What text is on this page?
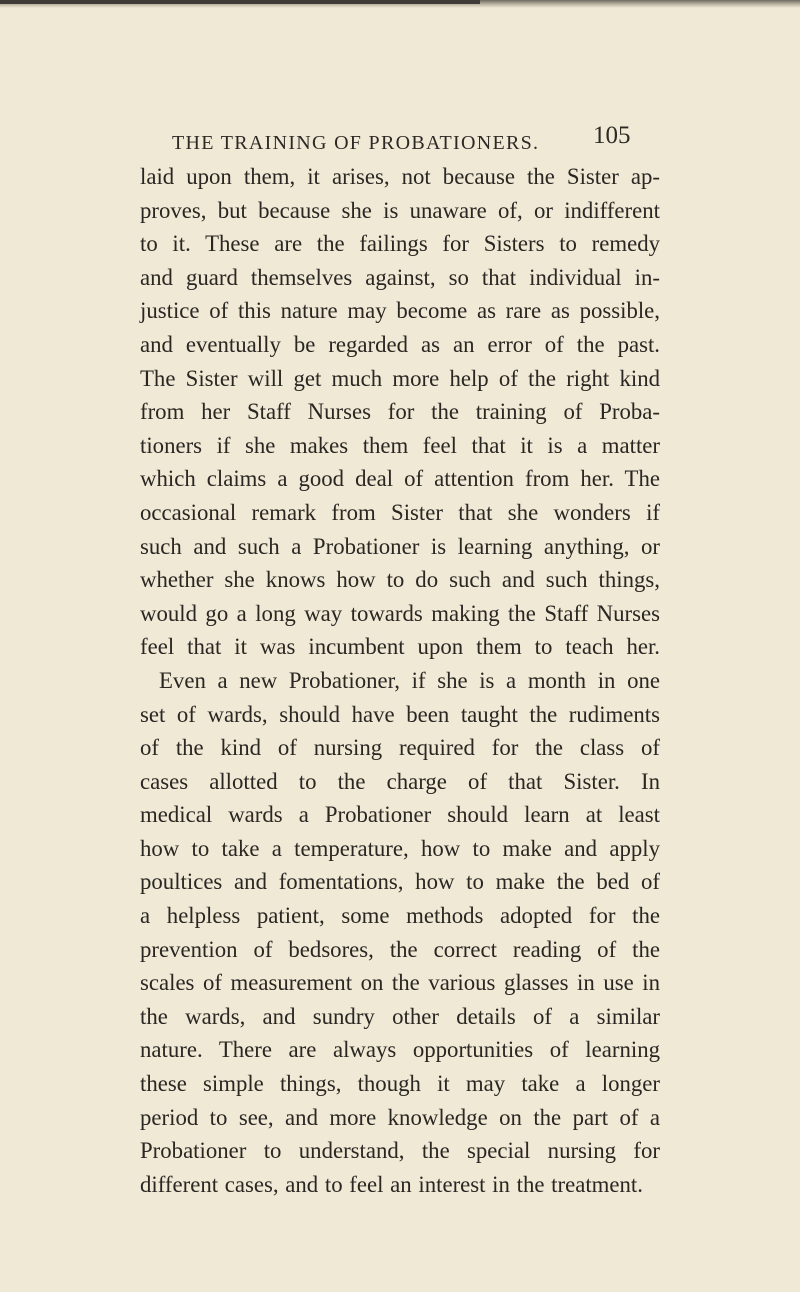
THE TRAINING OF PROBATIONERS. 105
laid upon them, it arises, not because the Sister ap-
proves, but because she is unaware of, or indifferent
to it. These are the failings for Sisters to remedy
and guard themselves against, so that individual in-
justice of this nature may become as rare as possible,
and eventually be regarded as an error of the past.
The Sister will get much more help of the right kind
from her Staff Nurses for the training of Proba-
tioners if she makes them feel that it is a matter
which claims a good deal of attention from her. The
occasional remark from Sister that she wonders if
such and such a Probationer is learning anything, or
whether she knows how to do such and such things,
would go a long way towards making the Staff Nurses
feel that it was incumbent upon them to teach her.
Even a new Probationer, if she is a month in one
set of wards, should have been taught the rudiments
of the kind of nursing required for the class of
cases allotted to the charge of that Sister. In
medical wards a Probationer should learn at least
how to take a temperature, how to make and apply
poultices and fomentations, how to make the bed of
a helpless patient, some methods adopted for the
prevention of bedsores, the correct reading of the
scales of measurement on the various glasses in use in
the wards, and sundry other details of a similar
nature. There are always opportunities of learning
these simple things, though it may take a longer
period to see, and more knowledge on the part of a
Probationer to understand, the special nursing for
different cases, and to feel an interest in the treatment.
